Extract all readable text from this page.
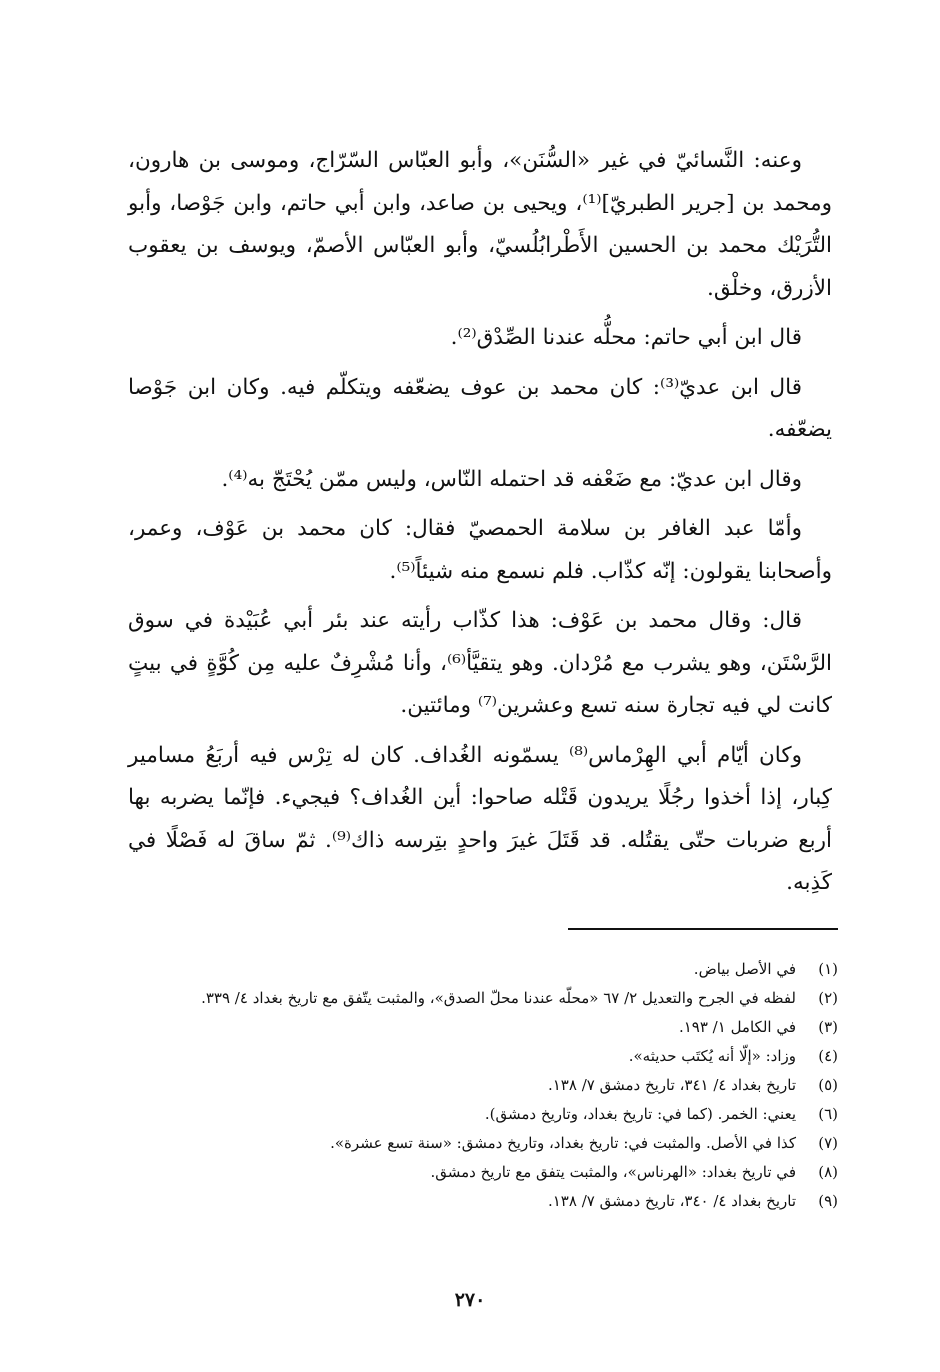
وعنه: النَّسائيّ في غير «السُّنَن»، وأبو العبّاس السّرّاج، وموسى بن هارون، ومحمد بن [جرير الطبريّ]⁽¹⁾، ويحيى بن صاعد، وابن أبي حاتم، وابن جَوْصا، وأبو التُّرَيْك محمد بن الحسين الأَطْرابُلُسيّ، وأبو العبّاس الأصمّ، ويوسف بن يعقوب الأزرق، وخلْق.

قال ابن أبي حاتم: محلُّه عندنا الصِّدْق⁽²⁾.

قال ابن عديّ⁽³⁾: كان محمد بن عوف يضعّفه ويتكلّم فيه. وكان ابن جَوْصا يضعّفه.

وقال ابن عديّ: مع ضَعْفه قد احتمله النّاس، وليس ممّن يُحْتَجّ به⁽⁴⁾.

وأمّا عبد الغافر بن سلامة الحمصيّ فقال: كان محمد بن عَوْف، وعمر، وأصحابنا يقولون: إنّه كذّاب. فلم نسمع منه شيئاً⁽⁵⁾.

قال: وقال محمد بن عَوْف: هذا كذّاب رأيته عند بئر أبي عُبَيْدة في سوق الرَّسْتَن، وهو يشرب مع مُرْدان. وهو يتقيَّأ⁽⁶⁾، وأنا مُشْرِفٌ عليه مِن كُوَّةٍ في بيتٍ كانت لي فيه تجارة سنه تسع وعشرين⁽⁷⁾ ومائتين.

وكان أيّام أبي الهِرْماس⁽⁸⁾ يسمّونه الغُداف. كان له تِرْس فيه أربَعُ مسامير كِبار، إذا أخذوا رجُلًا يريدون قَتْله صاحوا: أين الغُداف؟ فيجيء. فإنّما يضربه بها أربع ضربات حتّى يقتُله. قد قَتَلَ غيرَ واحدٍ بتِرسه ذاك⁽⁹⁾. ثمّ ساقَ له فَصْلًا في كَذِبه.

(١)
في الأصل بياض.
(٢)
لفظه في الجرح والتعديل ٢/ ٦٧ «محلّه عندنا محلّ الصدق»، والمثبت يتّفق مع تاريخ بغداد ٤/ ٣٣٩.
(٣)
في الكامل ١/ ١٩٣.
(٤)
وزاد: «إلّا أنه يُكتَب حديثه».
(٥)
تاريخ بغداد ٤/ ٣٤١، تاريخ دمشق ٧/ ١٣٨.
(٦)
يعني: الخمر. (كما في: تاريخ بغداد، وتاريخ دمشق).
(٧)
كذا في الأصل. والمثبت في: تاريخ بغداد، وتاريخ دمشق: «سنة تسع عشرة».
(٨)
في تاريخ بغداد: «الهرناس»، والمثبت يتفق مع تاريخ دمشق.
(٩)
تاريخ بغداد ٤/ ٣٤٠، تاريخ دمشق ٧/ ١٣٨.
٢٧٠
